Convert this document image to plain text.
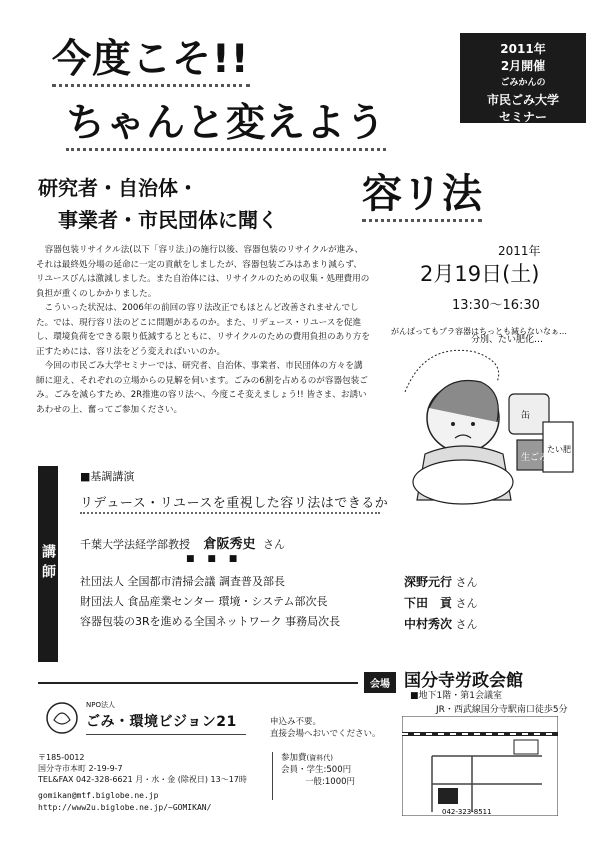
今度こそ!!
ちゃんと変えよう
2011年
2月開催
ごみかんの
市民ごみ大学
セミナー
研究者・自治体・
事業者・市民団体に聞く
容リ法
2011年
2月19日(土)
13:30～16:30

容器包装リサイクル法(以下「容リ法」)の施行以後、容器包装のリサイクルが進み、それは最終処分場の延命に一定の貢献をしましたが、容器包装ごみはあまり減らず、リユースびんは激減しました。また自治体には、リサイクルのための収集・処理費用の負担が重くのしかかりました。

こういった状況は、2006年の前回の容リ法改正でもほとんど改善されませんでした。では、現行容リ法のどこに問題があるのか。また、リデュース・リユースを促進し、環境負荷をできる限り低減するとともに、リサイクルのための費用負担のあり方を正すためには、容リ法をどう変えればいいのか。

今回の市民ごみ大学セミナーでは、研究者、自治体、事業者、市民団体の方々を講師に迎え、それぞれの立場からの見解を伺います。ごみの6割を占めるのが容器包装ごみ。ごみを減らすため、2R推進の容リ法へ、今度こそ変えましょう!! 皆さま、お誘いあわせの上、奮ってご参加ください。

分別、たい肥化…
がんばってもプラ容器はちっとも減らないなぁ…
缶
生ごみ
たい肥
講師
■基調講演
リデュース・リユースを重視した容リ法はできるか
千葉大学法経学部教授 倉阪秀史 さん
■ ■ ■
社団法人 全国都市清掃会議 調査普及部長
財団法人 食品産業センター 環境・システム部次長
容器包装の3Rを進める全国ネットワーク 事務局次長
深野元行 さん
下田　貢 さん
中村秀次 さん
会場 国分寺労政会館
■地下1階・第1会議室
JR・西武線国分寺駅南口徒歩5分
042-323-8511
NPO法人
ごみ・環境ビジョン21
〒185-0012
国分寺市本町 2-19-9-7
TEL&FAX 042-328-6621 月・水・金 (除祝日) 13～17時
gomikan@mtf.biglobe.ne.jp
http://www2u.biglobe.ne.jp/~GOMIKAN/
申込み不要。
直接会場へおいでください。
参加費(資料代)
会員・学生:500円
一般:1000円
